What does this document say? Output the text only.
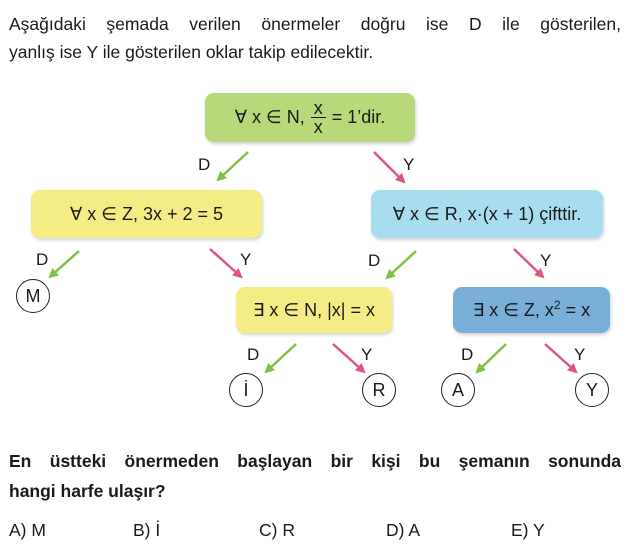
Aşağıdaki şemada verilen önermeler doğru ise D ile gösterilen,
yanlış ise Y ile gösterilen oklar takip edilecektir.

∀ x ∈ N, $\frac{x}{x}$ = 1’dir.
∀ x ∈ Z, 3x + 2 = 5	∀ x ∈ R, x·(x + 1) çifttir.
∃ x ∈ N, |x| = x	∃ x ∈ Z, $x^2 = x$
D	Y
D	Y	D	Y
D	Y	D	Y
M
İ	R	A	Y

En üstteki önermeden başlayan bir kişi bu şemanın sonunda
hangi harfe ulaşır?

A) M	B) İ	C) R	D) A	E) Y
